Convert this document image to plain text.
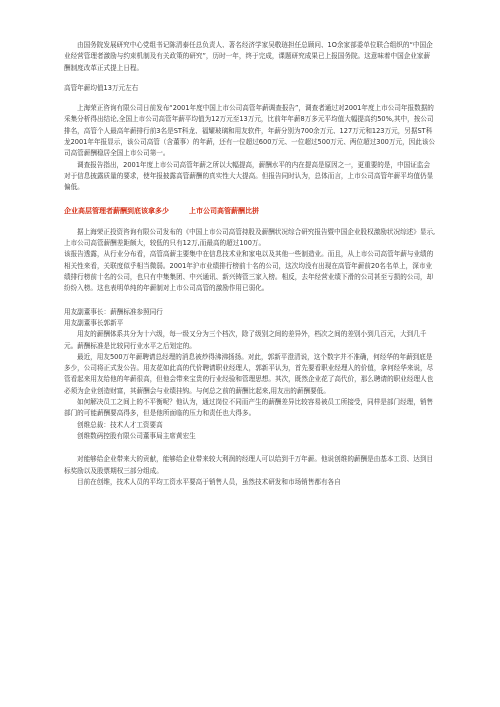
由国务院发展研究中心党组书记陈清泰任总负责人、著名经济学家吴敬琏担任总顾问、1O余家部委单位联合组织的“中国企业经营管理者激励与约束机制及有关政策的研究”，历时一年，终于完成，课题研究成果已上报国务院。这意味着中国企业家薪酬制度改革正式提上日程。

高管年薪均值13万元左右

上海荣正咨询有限公司日前发布“2001年度中国上市公司高管年薪调查报告”，调查者通过对2001年度上市公司年报数据的采集分析得出结论,全国上市公司高管年薪平均值为12万元至13万元，比前年年薪8万多元平均值大幅提高约50%,其中，按公司排名，高管个人最高年薪排行前3名是ST科龙、福耀玻璃和用友软件，年薪分别为700余万元、127万元和123万元，另据ST科龙2001年年报显示，该公司高管（含董事）的年薪，还有一位超过600万元、一位超过500万元、两位超过300万元，因此该公司高管薪酬稳居全国上市公司第一。

调查报告指出，2001年度上市公司高管年薪之所以大幅提高，薪酬水平的内在提高是原因之一，更重要的是，中国证监会对于信息披露质量的要求，使年报披露高管薪酬的真实性大大提高。但报告同时认为，总体而言，上市公司高管年薪平均值仍显偏低。

企业高层管理者薪酬到底该拿多少	上市公司高管薪酬比拼

据上海荣正投资咨询有限公司发布的《中国上市公司高管持股及薪酬状况综合研究报告暨中国企业股权激励状况综述》显示,上市公司高管薪酬差距颇大，较低的只有12万,而最高的超过100万。

该报告透露，从行业分布看，高管高薪主要集中在信息技术业和家电以及其他一些制造业。而且，从上市公司高管年薪与业绩的相关性来看，关联度似乎相当微弱。2001年沪市业绩排行榜前十名的公司，这次均没有出现在高管年薪前20名名单上，深市业绩排行榜前十名的公司，也只有中集集团、中兴通讯、新兴铸管三家入榜。相反，去年经营业绩下滑的公司甚至亏损的公司，却纷纷入榜。这也表明单纯的年薪制对上市公司高管的激励作用已弱化。

用友副董事长：薪酬标准参照同行

用友副董事长郭新平

用友的薪酬体系共分为十六级，每一级又分为三个档次，除了级别之间的差异外，档次之间的差别小到几百元，大到几千元。薪酬标准是比较同行业水平之后划定的。

最近，用友500万年薪聘请总经理的消息被炒得沸沸扬扬。对此，郭新平澄清说，这个数字并不准确，何经华的年薪到底是多少，公司将正式发公告。用友花如此高的代价聘请职业经理人，郭新平认为，首先要看职业经理人的价值，拿何经华来说，尽管看起来用友给他的年薪很高，但他会带来宝贵的行业经验和管理思想。其次，既然企业花了高代价，那么聘请的职业经理人也必须为企业创造财富，其薪酬会与业绩挂钩。与何总之前的薪酬比起来,用友出的薪酬要低。

如何解决员工之间上的不平衡呢？他认为，通过岗位不同而产生的薪酬差异比较容易被员工所接受，同样是部门经理，销售部门的可能薪酬要高得多，但是他所面临的压力和责任也大得多。

创维总裁：技术人才工资要高

创维数码控股有限公司董事局主席黄宏生

对能够给企业带来大的贡献，能够给企业带来较大利润的经理人可以给到千万年薪。他说创维的薪酬是由基本工资、达到目标奖励以及股票期权三部分组成。

目前在创维，技术人员的平均工资水平要高于销售人员，虽然技术研发和市场销售都有各自
